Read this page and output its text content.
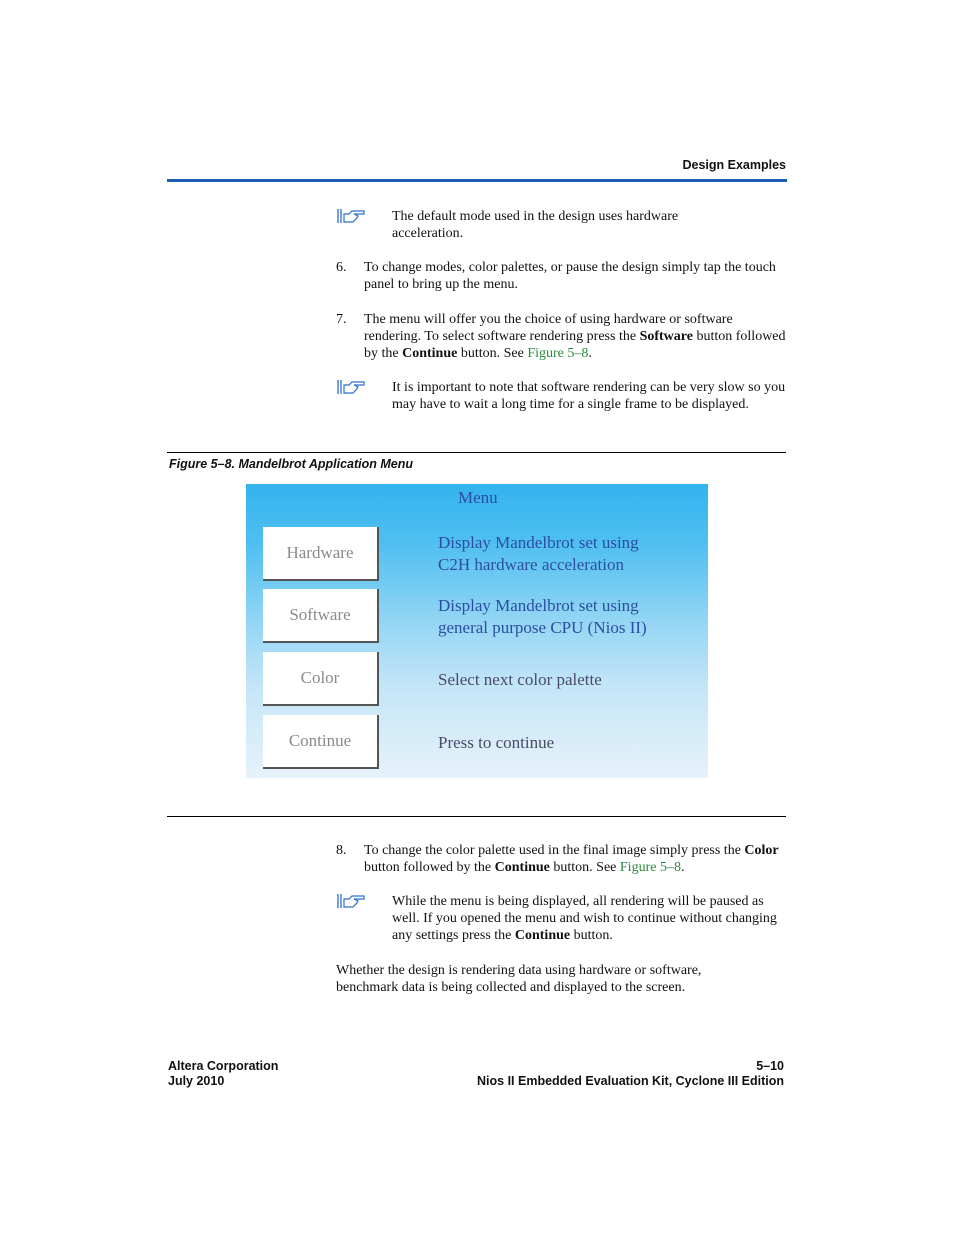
Design Examples
The default mode used in the design uses hardware acceleration.
6. To change modes, color palettes, or pause the design simply tap the touch panel to bring up the menu.
7. The menu will offer you the choice of using hardware or software rendering. To select software rendering press the Software button followed by the Continue button. See Figure 5–8.
It is important to note that software rendering can be very slow so you may have to wait a long time for a single frame to be displayed.
Figure 5–8. Mandelbrot Application Menu
Menu
Hardware
Software
Color
Continue
Display Mandelbrot set using
C2H hardware acceleration
Display Mandelbrot set using
general purpose CPU (Nios II)
Select next color palette
Press to continue
8. To change the color palette used in the final image simply press the Color button followed by the Continue button. See Figure 5–8.
While the menu is being displayed, all rendering will be paused as well. If you opened the menu and wish to continue without changing any settings press the Continue button.
Whether the design is rendering data using hardware or software, benchmark data is being collected and displayed to the screen.
Altera Corporation
July 2010
5–10
Nios II Embedded Evaluation Kit, Cyclone III Edition
